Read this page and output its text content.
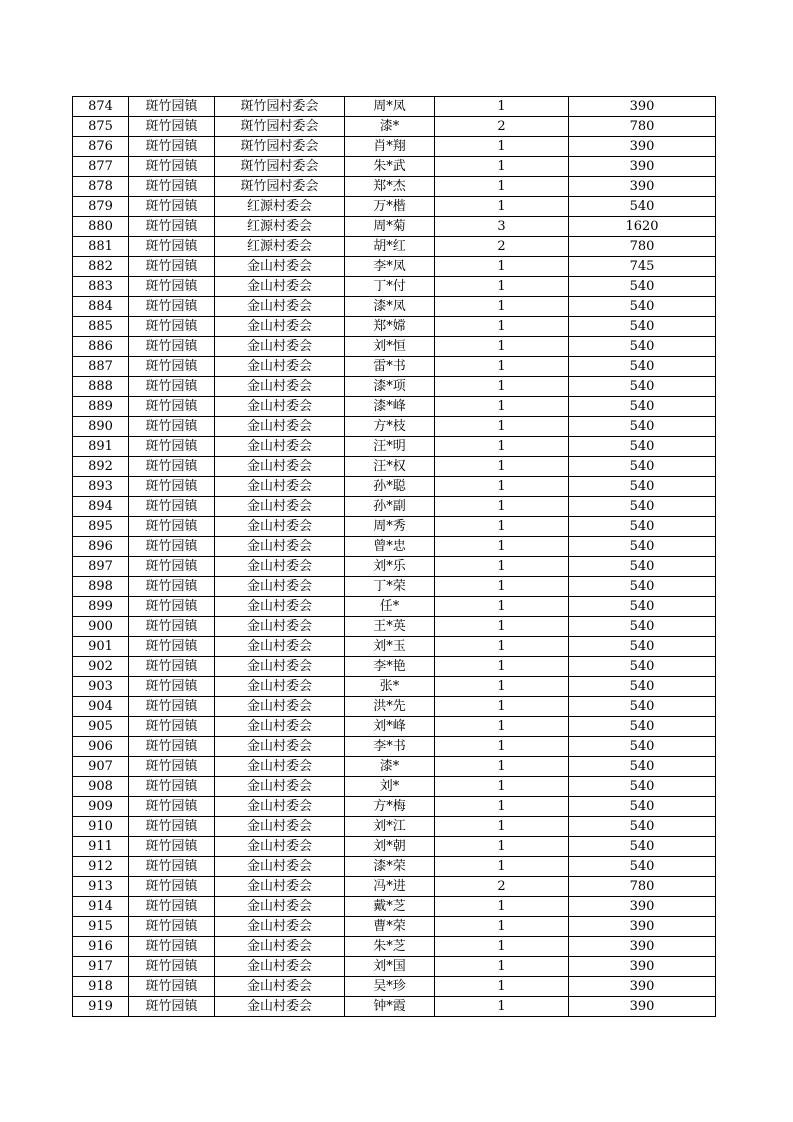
874	斑竹园镇	斑竹园村委会	周*凤	1	390
875	斑竹园镇	斑竹园村委会	漆*	2	780
876	斑竹园镇	斑竹园村委会	肖*翔	1	390
877	斑竹园镇	斑竹园村委会	朱*武	1	390
878	斑竹园镇	斑竹园村委会	郑*杰	1	390
879	斑竹园镇	红源村委会	万*楷	1	540
880	斑竹园镇	红源村委会	周*菊	3	1620
881	斑竹园镇	红源村委会	胡*红	2	780
882	斑竹园镇	金山村委会	李*凤	1	745
883	斑竹园镇	金山村委会	丁*付	1	540
884	斑竹园镇	金山村委会	漆*凤	1	540
885	斑竹园镇	金山村委会	郑*嫦	1	540
886	斑竹园镇	金山村委会	刘*恒	1	540
887	斑竹园镇	金山村委会	雷*书	1	540
888	斑竹园镇	金山村委会	漆*项	1	540
889	斑竹园镇	金山村委会	漆*峰	1	540
890	斑竹园镇	金山村委会	方*枝	1	540
891	斑竹园镇	金山村委会	汪*明	1	540
892	斑竹园镇	金山村委会	汪*权	1	540
893	斑竹园镇	金山村委会	孙*聪	1	540
894	斑竹园镇	金山村委会	孙*副	1	540
895	斑竹园镇	金山村委会	周*秀	1	540
896	斑竹园镇	金山村委会	曾*忠	1	540
897	斑竹园镇	金山村委会	刘*乐	1	540
898	斑竹园镇	金山村委会	丁*荣	1	540
899	斑竹园镇	金山村委会	任*	1	540
900	斑竹园镇	金山村委会	王*英	1	540
901	斑竹园镇	金山村委会	刘*玉	1	540
902	斑竹园镇	金山村委会	李*艳	1	540
903	斑竹园镇	金山村委会	张*	1	540
904	斑竹园镇	金山村委会	洪*先	1	540
905	斑竹园镇	金山村委会	刘*峰	1	540
906	斑竹园镇	金山村委会	李*书	1	540
907	斑竹园镇	金山村委会	漆*	1	540
908	斑竹园镇	金山村委会	刘*	1	540
909	斑竹园镇	金山村委会	方*梅	1	540
910	斑竹园镇	金山村委会	刘*江	1	540
911	斑竹园镇	金山村委会	刘*朝	1	540
912	斑竹园镇	金山村委会	漆*荣	1	540
913	斑竹园镇	金山村委会	冯*进	2	780
914	斑竹园镇	金山村委会	戴*芝	1	390
915	斑竹园镇	金山村委会	曹*荣	1	390
916	斑竹园镇	金山村委会	朱*芝	1	390
917	斑竹园镇	金山村委会	刘*国	1	390
918	斑竹园镇	金山村委会	吴*珍	1	390
919	斑竹园镇	金山村委会	钟*霞	1	390
